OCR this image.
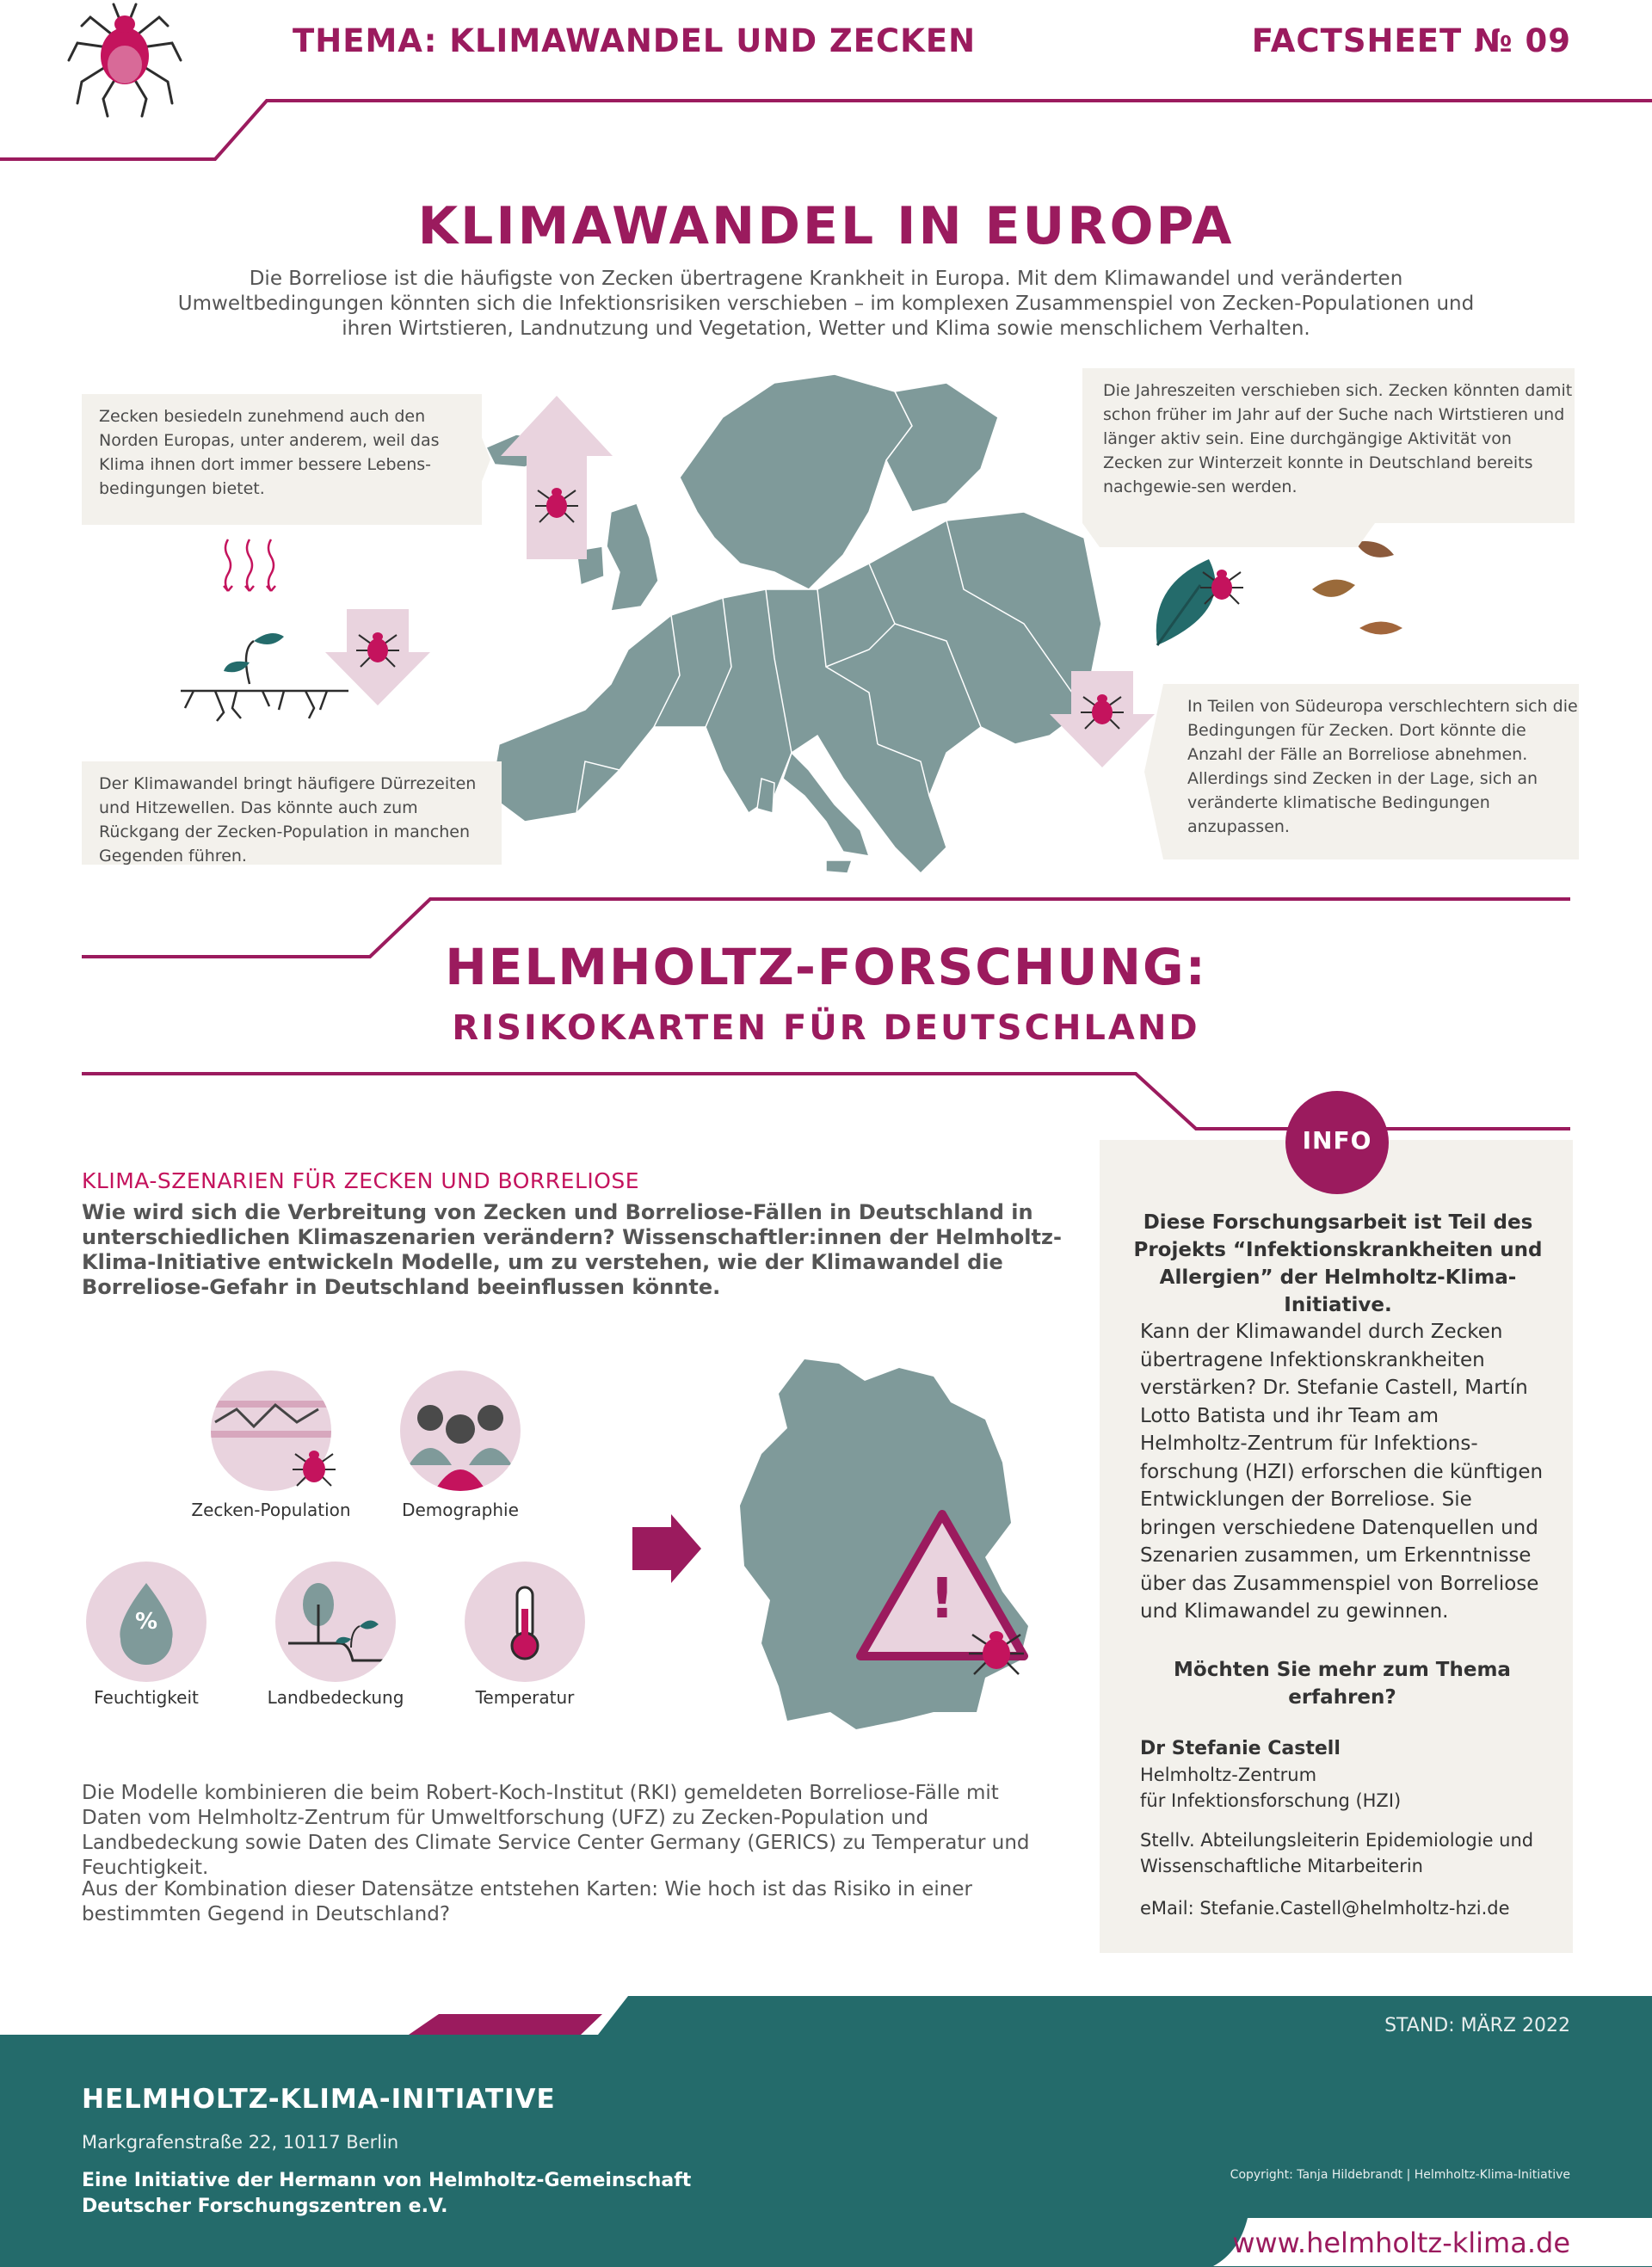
THEMA: KLIMAWANDEL UND ZECKEN	FACTSHEET № 09
KLIMAWANDEL IN EUROPA
Die Borreliose ist die häufigste von Zecken übertragene Krankheit in Europa. Mit dem Klimawandel und veränderten Umweltbedingungen könnten sich die Infektionsrisiken verschieben – im komplexen Zusammenspiel von Zecken-Populationen und ihren Wirtstieren, Landnutzung und Vegetation, Wetter und Klima sowie menschlichem Verhalten.
Zecken besiedeln zunehmend auch den Norden Europas, unter anderem, weil das Klima ihnen dort immer bessere Lebens-bedingungen bietet.
Die Jahreszeiten verschieben sich. Zecken könnten damit schon früher im Jahr auf der Suche nach Wirtstieren und länger aktiv sein. Eine durchgängige Aktivität von Zecken zur Winterzeit konnte in Deutschland bereits nachgewie-sen werden.
Der Klimawandel bringt häufigere Dürrezeiten und Hitzewellen. Das könnte auch zum Rückgang der Zecken-Population in manchen Gegenden führen.
In Teilen von Südeuropa verschlechtern sich die Bedingungen für Zecken. Dort könnte die Anzahl der Fälle an Borreliose abnehmen. Allerdings sind Zecken in der Lage, sich an veränderte klimatische Bedingungen anzupassen.
HELMHOLTZ-FORSCHUNG:
RISIKOKARTEN FÜR DEUTSCHLAND
KLIMA-SZENARIEN FÜR ZECKEN UND BORRELIOSE
Wie wird sich die Verbreitung von Zecken und Borreliose-Fällen in Deutschland in unterschiedlichen Klimaszenarien verändern? Wissenschaftler:innen der Helmholtz-Klima-Initiative entwickeln Modelle, um zu verstehen, wie der Klimawandel die Borreliose-Gefahr in Deutschland beeinflussen könnte.
Zecken-Population	Demographie
%
Feuchtigkeit	Landbedeckung	Temperatur
!
Die Modelle kombinieren die beim Robert-Koch-Institut (RKI) gemeldeten Borreliose-Fälle mit Daten vom Helmholtz-Zentrum für Umweltforschung (UFZ) zu Zecken-Population und Landbedeckung sowie Daten des Climate Service Center Germany (GERICS) zu Temperatur und Feuchtigkeit.
Aus der Kombination dieser Datensätze entstehen Karten: Wie hoch ist das Risiko in einer bestimmten Gegend in Deutschland?
INFO
Diese Forschungsarbeit ist Teil des Projekts “Infektionskrankheiten und Allergien” der Helmholtz-Klima-Initiative.
Kann der Klimawandel durch Zecken übertragene Infektionskrankheiten verstärken? Dr. Stefanie Castell, Martín Lotto Batista und ihr Team am Helmholtz-Zentrum für Infektions-forschung (HZI) erforschen die künftigen Entwicklungen der Borreliose. Sie bringen verschiedene Datenquellen und Szenarien zusammen, um Erkenntnisse über das Zusammenspiel von Borreliose und Klimawandel zu gewinnen.
Möchten Sie mehr zum Thema erfahren?
Dr Stefanie Castell
Helmholtz-Zentrum
für Infektionsforschung (HZI)
Stellv. Abteilungsleiterin Epidemiologie und
Wissenschaftliche Mitarbeiterin
eMail: Stefanie.Castell@helmholtz-hzi.de
STAND: MÄRZ 2022
HELMHOLTZ-KLIMA-INITIATIVE
Markgrafenstraße 22, 10117 Berlin
Eine Initiative der Hermann von Helmholtz-Gemeinschaft
Deutscher Forschungszentren e.V.
Copyright: Tanja Hildebrandt | Helmholtz-Klima-Initiative
www.helmholtz-klima.de
